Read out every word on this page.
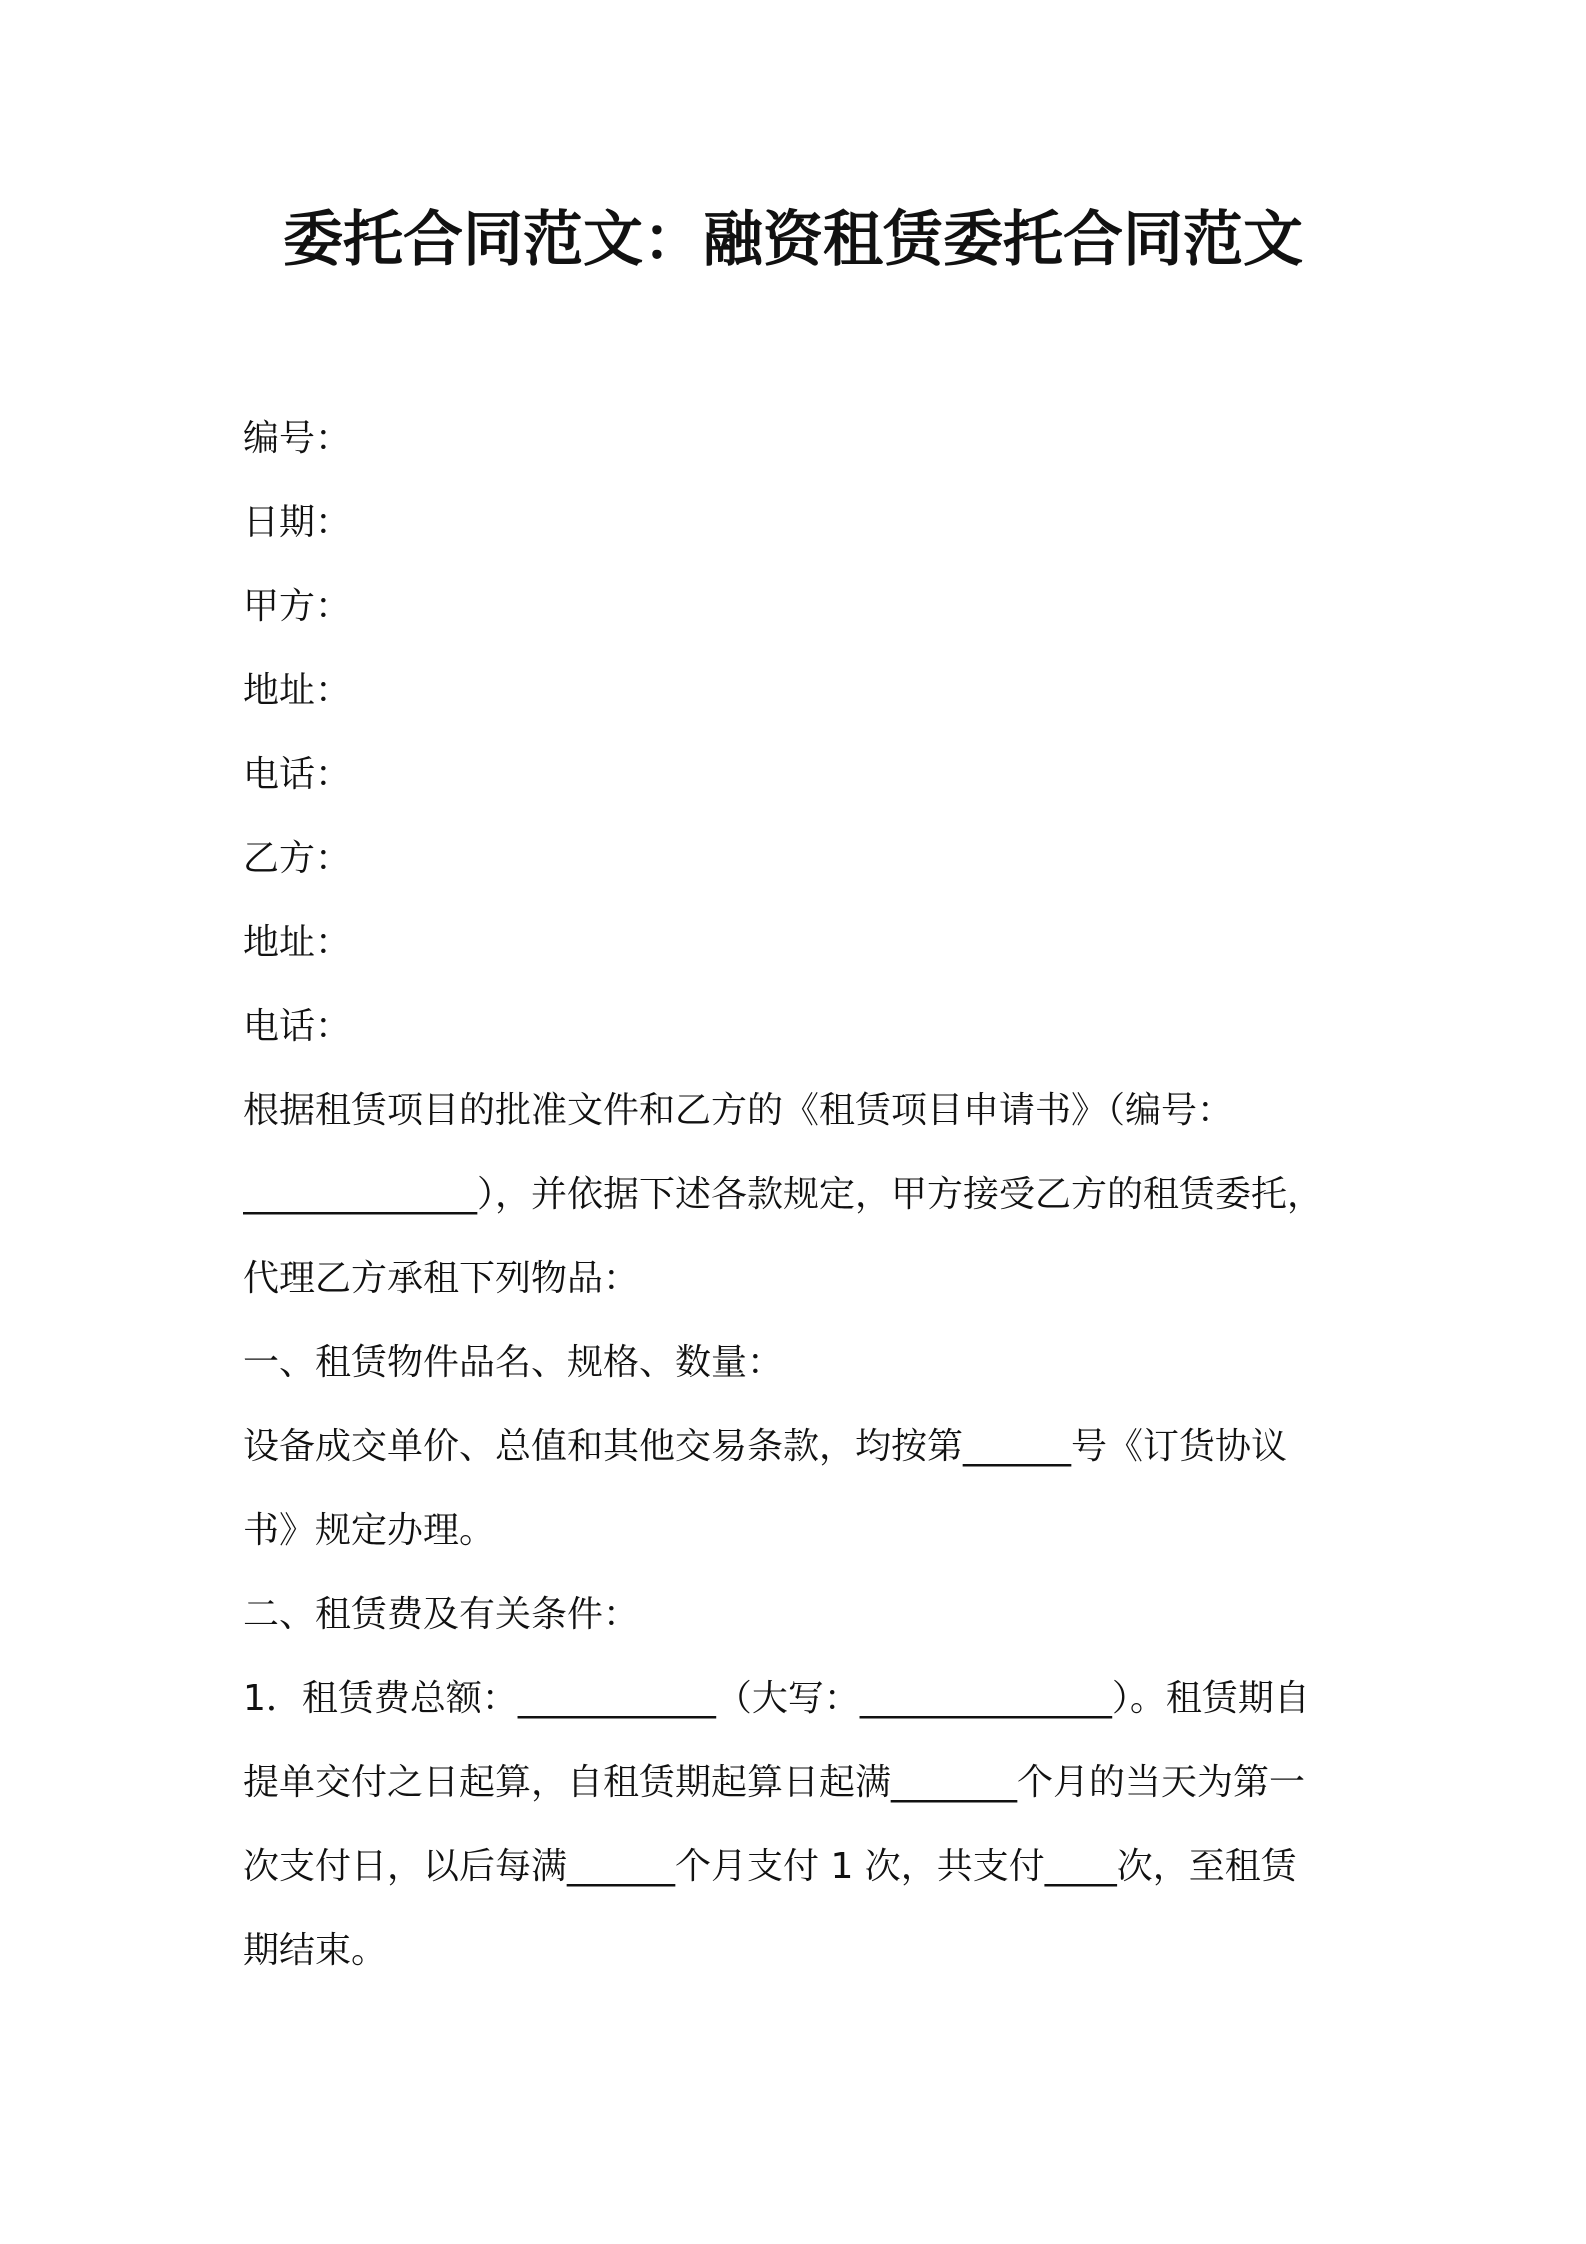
委托合同范文：融资租赁委托合同范文
编号：
日期：
甲方：
地址：
电话：
乙方：
地址：
电话：
根据租赁项目的批准文件和乙方的《租赁项目申请书》（编号：
_____________），并依据下述各款规定，甲方接受乙方的租赁委托，
代理乙方承租下列物品：
一、租赁物件品名、规格、数量：
设备成交单价、总值和其他交易条款，均按第______号《订货协议
书》规定办理。
二、租赁费及有关条件：
1．租赁费总额：___________（大写：______________）。租赁期自
提单交付之日起算，自租赁期起算日起满_______个月的当天为第一
次支付日，以后每满______个月支付 1 次，共支付____次，至租赁
期结束。
